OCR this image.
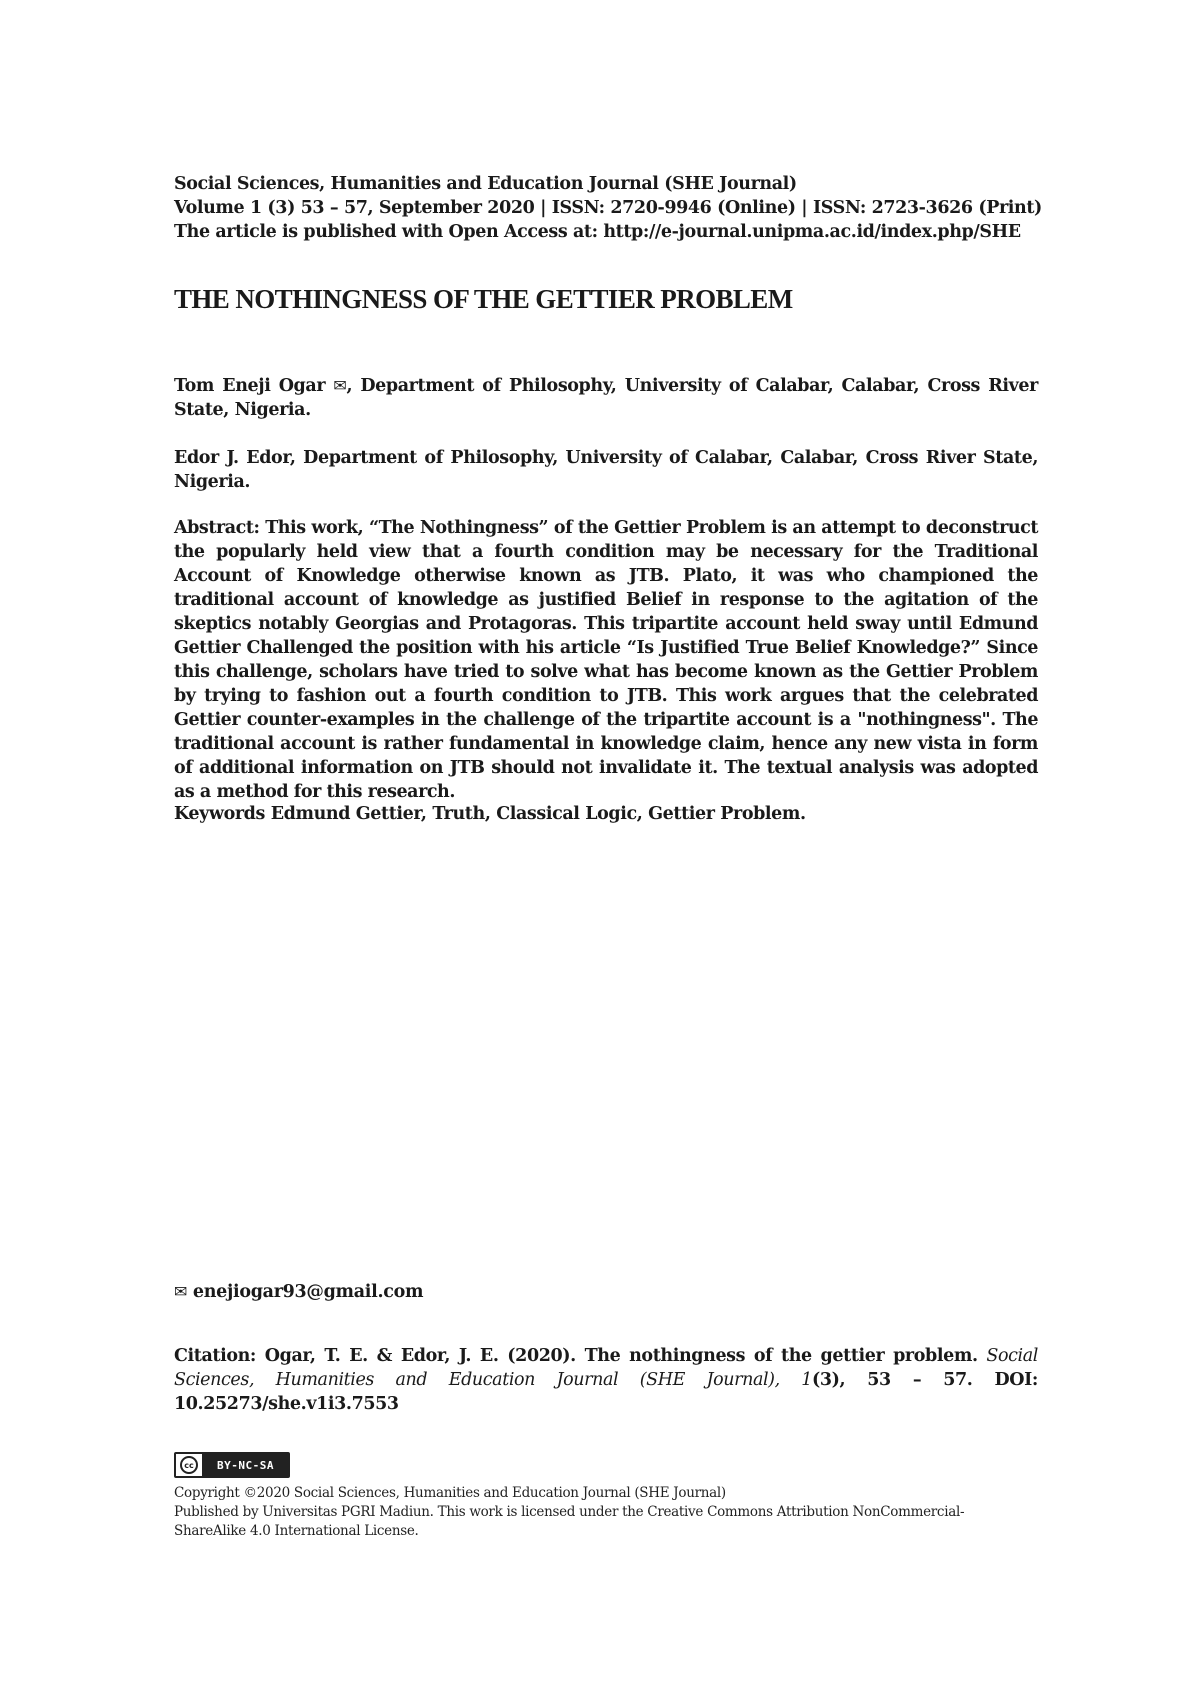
Social Sciences, Humanities and Education Journal (SHE Journal)
Volume 1 (3) 53 – 57, September 2020 | ISSN: 2720-9946 (Online) | ISSN: 2723-3626 (Print)
The article is published with Open Access at: http://e-journal.unipma.ac.id/index.php/SHE
THE NOTHINGNESS OF THE GETTIER PROBLEM
Tom Eneji Ogar ✉, Department of Philosophy, University of Calabar, Calabar, Cross River State, Nigeria.
Edor J. Edor, Department of Philosophy, University of Calabar, Calabar, Cross River State, Nigeria.
Abstract: This work, “The Nothingness” of the Gettier Problem is an attempt to deconstruct the popularly held view that a fourth condition may be necessary for the Traditional Account of Knowledge otherwise known as JTB. Plato, it was who championed the traditional account of knowledge as justified Belief in response to the agitation of the skeptics notably Georgias and Protagoras. This tripartite account held sway until Edmund Gettier Challenged the position with his article “Is Justified True Belief Knowledge?” Since this challenge, scholars have tried to solve what has become known as the Gettier Problem by trying to fashion out a fourth condition to JTB. This work argues that the celebrated Gettier counter-examples in the challenge of the tripartite account is a "nothingness". The traditional account is rather fundamental in knowledge claim, hence any new vista in form of additional information on JTB should not invalidate it. The textual analysis was adopted as a method for this research.
Keywords Edmund Gettier, Truth, Classical Logic, Gettier Problem.
✉ enejiogar93@gmail.com
Citation: Ogar, T. E. & Edor, J. E. (2020). The nothingness of the gettier problem. Social Sciences, Humanities and Education Journal (SHE Journal), 1(3), 53 – 57. DOI: 10.25273/she.v1i3.7553
cc	BY-NC-SA
Copyright ©2020 Social Sciences, Humanities and Education Journal (SHE Journal)
Published by Universitas PGRI Madiun. This work is licensed under the Creative Commons Attribution NonCommercial-
ShareAlike 4.0 International License.
